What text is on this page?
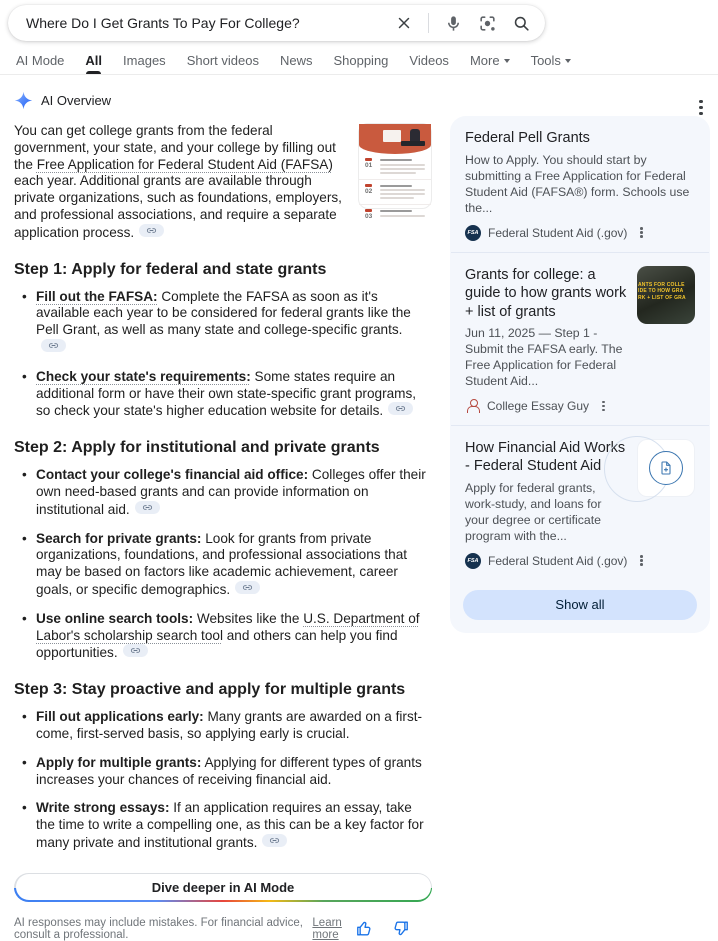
Where Do I Get Grants To Pay For College?
AI Mode All Images Short videos News Shopping Videos More Tools
AI Overview
01
02
03
You can get college grants from the federal government, your state, and your college by filling out the Free Application for Federal Student Aid (FAFSA) each year. Additional grants are available through private organizations, such as foundations, employers, and professional associations, and require a separate application process.
Step 1: Apply for federal and state grants
• Fill out the FAFSA: Complete the FAFSA as soon as it's available each year to be considered for federal grants like the Pell Grant, as well as many state and college-specific grants.
• Check your state's requirements: Some states require an additional form or have their own state-specific grant programs, so check your state's higher education website for details.
Step 2: Apply for institutional and private grants
• Contact your college's financial aid office: Colleges offer their own need-based grants and can provide information on institutional aid.
• Search for private grants: Look for grants from private organizations, foundations, and professional associations that may be based on factors like academic achievement, career goals, or specific demographics.
• Use online search tools: Websites like the U.S. Department of Labor's scholarship search tool and others can help you find opportunities.
Step 3: Stay proactive and apply for multiple grants
• Fill out applications early: Many grants are awarded on a first-come, first-served basis, so applying early is crucial.
• Apply for multiple grants: Applying for different types of grants increases your chances of receiving financial aid.
• Write strong essays: If an application requires an essay, take the time to write a compelling one, as this can be a key factor for many private and institutional grants.
Dive deeper in AI Mode
AI responses may include mistakes. For financial advice, consult a professional.
Learn more
Federal Pell Grants
How to Apply. You should start by submitting a Free Application for Federal Student Aid (FAFSA®) form. Schools use the...
FSA Federal Student Aid (.gov)
Grants for college: a guide to how grants work + list of grants
Jun 11, 2025 — Step 1 - Submit the FAFSA early. The Free Application for Federal Student Aid...
ANTS FOR COLLE
IDE TO HOW GRA
RK + LIST OF GRA
College Essay Guy
How Financial Aid Works - Federal Student Aid
Apply for federal grants, work-study, and loans for your degree or certificate program with the...
FSA Federal Student Aid (.gov)
Show all
